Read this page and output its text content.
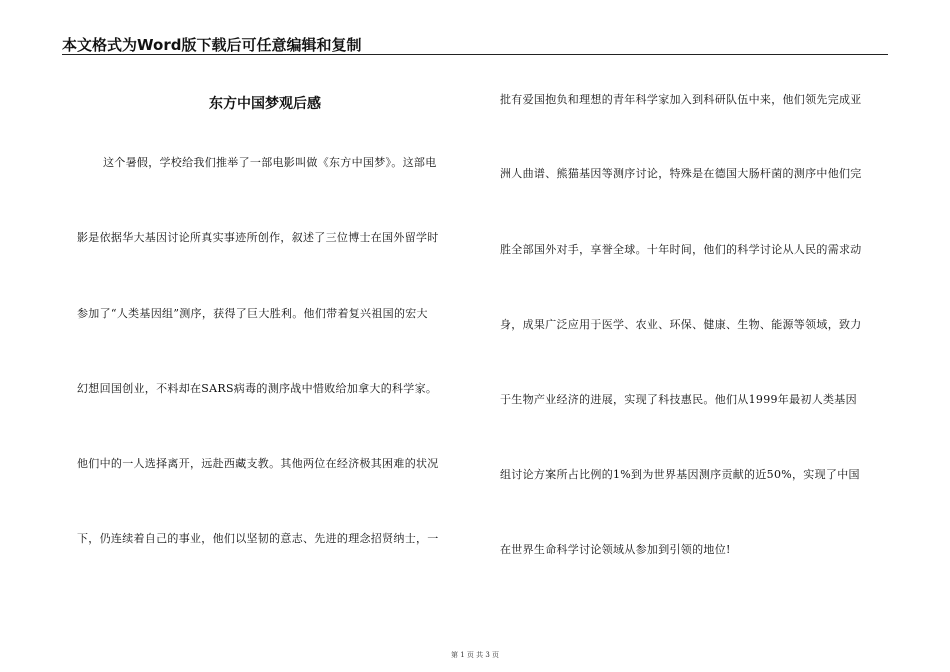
本文格式为Word版下载后可任意编辑和复制
东方中国梦观后感
这个暑假，学校给我们推举了一部电影叫做《东方中国梦》。这部电
影是依据华大基因讨论所真实事迹所创作，叙述了三位博士在国外留学时
参加了“人类基因组”测序，获得了巨大胜利。他们带着复兴祖国的宏大
幻想回国创业，不料却在SARS病毒的测序战中惜败给加拿大的科学家。
他们中的一人选择离开，远赴西藏支教。其他两位在经济极其困难的状况
下，仍连续着自己的事业，他们以坚韧的意志、先进的理念招贤纳士，一
批有爱国抱负和理想的青年科学家加入到科研队伍中来，他们领先完成亚
洲人曲谱、熊猫基因等测序讨论，特殊是在德国大肠杆菌的测序中他们完
胜全部国外对手，享誉全球。十年时间，他们的科学讨论从人民的需求动
身，成果广泛应用于医学、农业、环保、健康、生物、能源等领域，致力
于生物产业经济的进展，实现了科技惠民。他们从1999年最初人类基因
组讨论方案所占比例的1%到为世界基因测序贡献的近50%，实现了中国
在世界生命科学讨论领域从参加到引领的地位!
第 1 页 共 3 页
